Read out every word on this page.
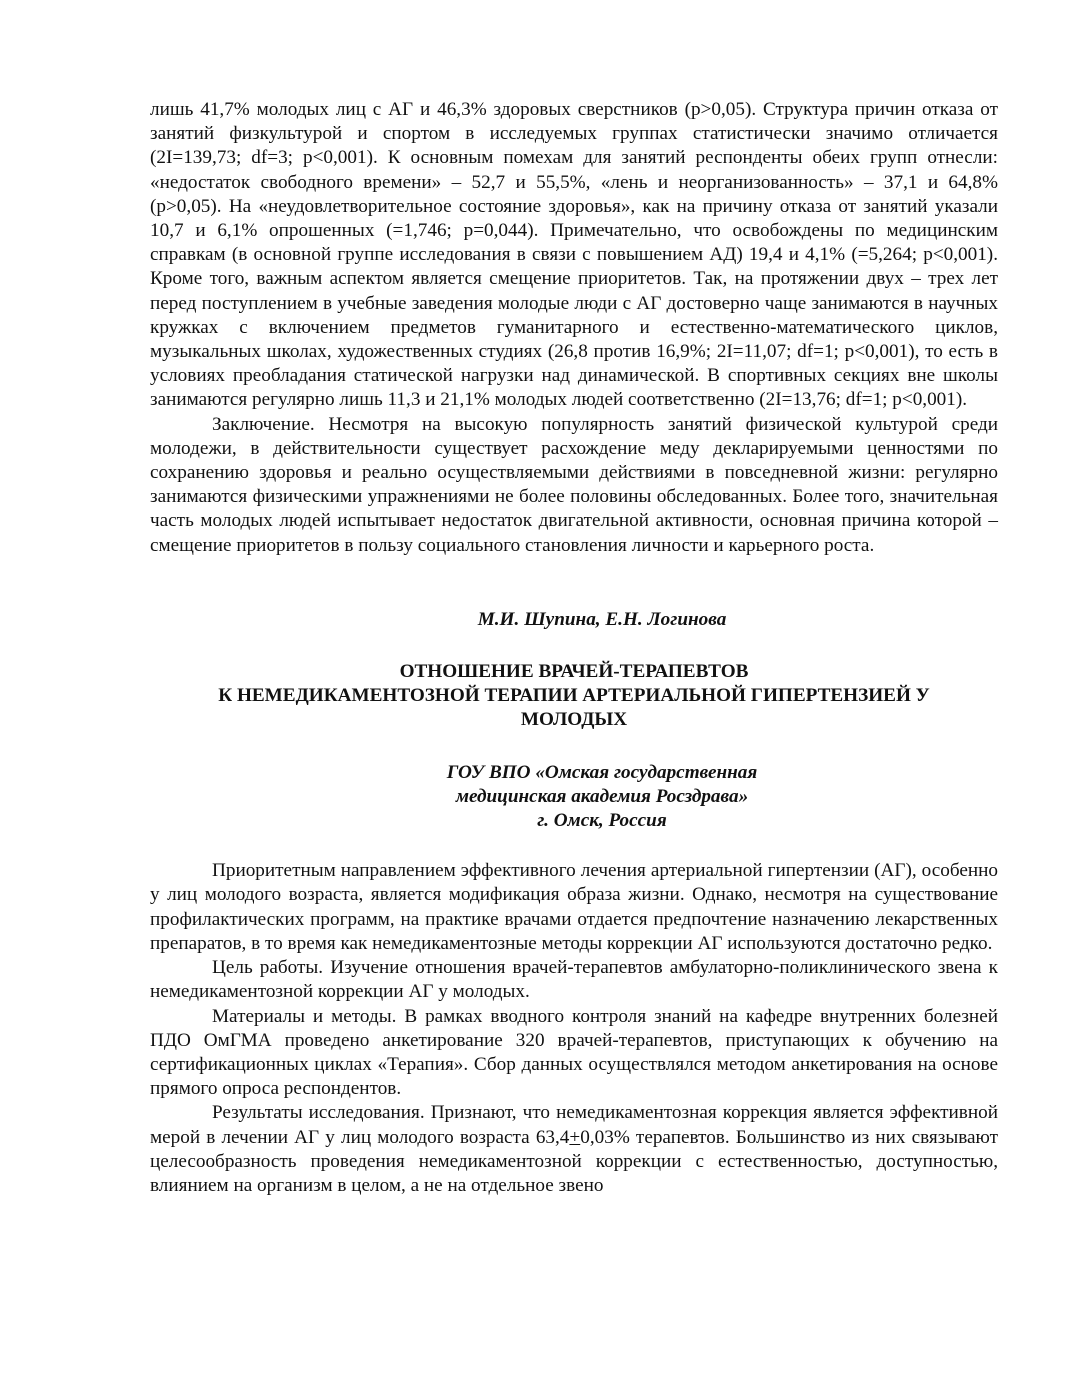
лишь 41,7% молодых лиц с АГ и 46,3% здоровых сверстников (p>0,05). Структура причин отказа от занятий физкультурой и спортом в исследуемых группах статистически значимо отличается (2I=139,73; df=3; p<0,001). К основным помехам для занятий респонденты обеих групп отнесли: «недостаток свободного времени» – 52,7 и 55,5%, «лень и неорганизованность» – 37,1 и 64,8% (p>0,05). На «неудовлетворительное состояние здоровья», как на причину отказа от занятий указали 10,7 и 6,1% опрошенных (=1,746; p=0,044). Примечательно, что освобождены по медицинским справкам (в основной группе исследования в связи с повышением АД) 19,4 и 4,1% (=5,264; p<0,001). Кроме того, важным аспектом является смещение приоритетов. Так, на протяжении двух – трех лет перед поступлением в учебные заведения молодые люди с АГ достоверно чаще занимаются в научных кружках с включением предметов гуманитарного и естественно-математического циклов, музыкальных школах, художественных студиях (26,8 против 16,9%; 2I=11,07; df=1; p<0,001), то есть в условиях преобладания статической нагрузки над динамической. В спортивных секциях вне школы занимаются регулярно лишь 11,3 и 21,1% молодых людей соответственно (2I=13,76; df=1; p<0,001).

Заключение. Несмотря на высокую популярность занятий физической культурой среди молодежи, в действительности существует расхождение меду декларируемыми ценностями по сохранению здоровья и реально осуществляемыми действиями в повседневной жизни: регулярно занимаются физическими упражнениями не более половины обследованных. Более того, значительная часть молодых людей испытывает недостаток двигательной активности, основная причина которой – смещение приоритетов в пользу социального становления личности и карьерного роста.

М.И. Шупина, Е.Н. Логинова
ОТНОШЕНИЕ ВРАЧЕЙ-ТЕРАПЕВТОВ
К НЕМЕДИКАМЕНТОЗНОЙ ТЕРАПИИ АРТЕРИАЛЬНОЙ ГИПЕРТЕНЗИЕЙ У
МОЛОДЫХ
ГОУ ВПО «Омская государственная
медицинская академия Росздрава»
г. Омск, Россия

Приоритетным направлением эффективного лечения артериальной гипертензии (АГ), особенно у лиц молодого возраста, является модификация образа жизни. Однако, несмотря на существование профилактических программ, на практике врачами отдается предпочтение назначению лекарственных препаратов, в то время как немедикаментозные методы коррекции АГ используются достаточно редко.

Цель работы. Изучение отношения врачей-терапевтов амбулаторно-поликлинического звена к немедикаментозной коррекции АГ у молодых.

Материалы и методы. В рамках вводного контроля знаний на кафедре внутренних болезней ПДО ОмГМА проведено анкетирование 320 врачей-терапевтов, приступающих к обучению на сертификационных циклах «Терапия». Сбор данных осуществлялся методом анкетирования на основе прямого опроса респондентов.

Результаты исследования. Признают, что немедикаментозная коррекция является эффективной мерой в лечении АГ у лиц молодого возраста 63,4+0,03% терапевтов. Большинство из них связывают целесообразность проведения немедикаментозной коррекции с естественностью, доступностью, влиянием на организм в целом, а не на отдельное звено
